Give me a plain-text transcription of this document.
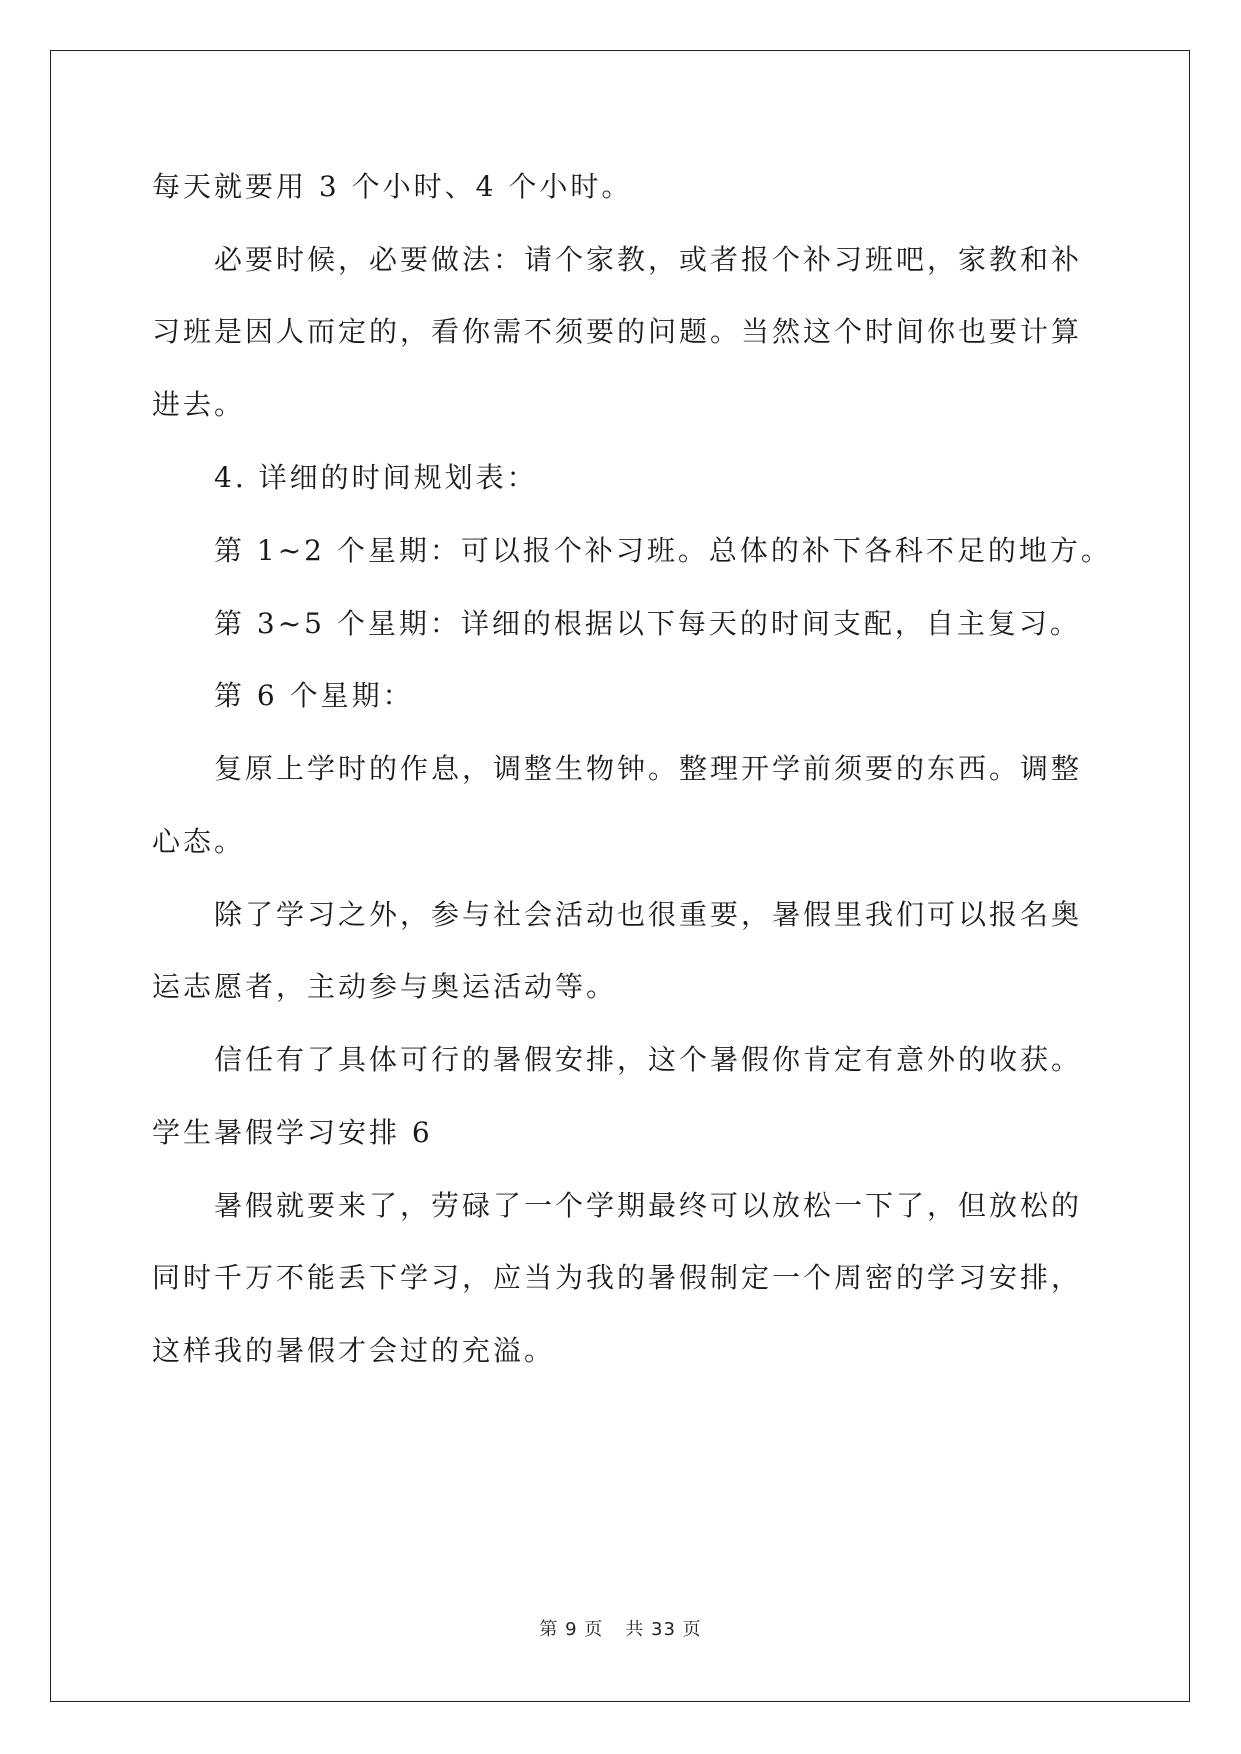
每天就要用 3 个小时、4 个小时。
必要时候，必要做法：请个家教，或者报个补习班吧，家教和补
习班是因人而定的，看你需不须要的问题。当然这个时间你也要计算
进去。
4. 详细的时间规划表：
第 1~2 个星期：可以报个补习班。总体的补下各科不足的地方。
第 3~5 个星期：详细的根据以下每天的时间支配，自主复习。
第 6 个星期：
复原上学时的作息，调整生物钟。整理开学前须要的东西。调整
心态。
除了学习之外，参与社会活动也很重要，暑假里我们可以报名奥
运志愿者，主动参与奥运活动等。
信任有了具体可行的暑假安排，这个暑假你肯定有意外的收获。
学生暑假学习安排 6
暑假就要来了，劳碌了一个学期最终可以放松一下了，但放松的
同时千万不能丢下学习，应当为我的暑假制定一个周密的学习安排，
这样我的暑假才会过的充溢。
第 9 页 共 33 页
